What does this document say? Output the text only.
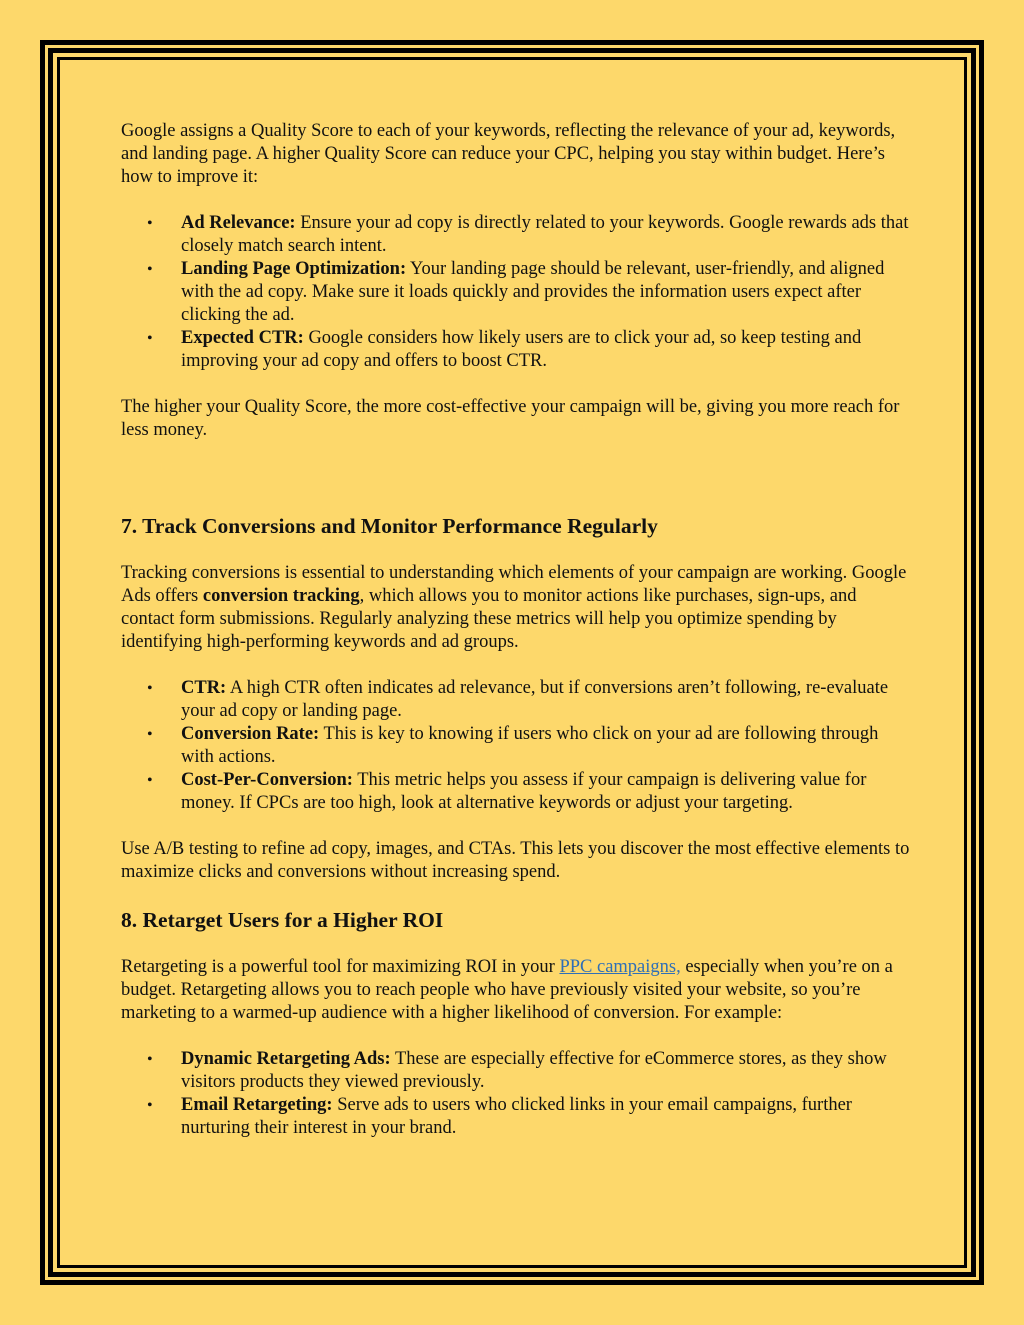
Google assigns a Quality Score to each of your keywords, reflecting the relevance of your ad, keywords, and landing page. A higher Quality Score can reduce your CPC, helping you stay within budget. Here’s how to improve it:

• Ad Relevance: Ensure your ad copy is directly related to your keywords. Google rewards ads that closely match search intent.
• Landing Page Optimization: Your landing page should be relevant, user-friendly, and aligned with the ad copy. Make sure it loads quickly and provides the information users expect after clicking the ad.
• Expected CTR: Google considers how likely users are to click your ad, so keep testing and improving your ad copy and offers to boost CTR.

The higher your Quality Score, the more cost-effective your campaign will be, giving you more reach for less money.

7. Track Conversions and Monitor Performance Regularly

Tracking conversions is essential to understanding which elements of your campaign are working. Google Ads offers conversion tracking, which allows you to monitor actions like purchases, sign-ups, and contact form submissions. Regularly analyzing these metrics will help you optimize spending by identifying high-performing keywords and ad groups.

• CTR: A high CTR often indicates ad relevance, but if conversions aren’t following, re-evaluate your ad copy or landing page.
• Conversion Rate: This is key to knowing if users who click on your ad are following through with actions.
• Cost-Per-Conversion: This metric helps you assess if your campaign is delivering value for money. If CPCs are too high, look at alternative keywords or adjust your targeting.

Use A/B testing to refine ad copy, images, and CTAs. This lets you discover the most effective elements to maximize clicks and conversions without increasing spend.

8. Retarget Users for a Higher ROI

Retargeting is a powerful tool for maximizing ROI in your PPC campaigns, especially when you’re on a budget. Retargeting allows you to reach people who have previously visited your website, so you’re marketing to a warmed-up audience with a higher likelihood of conversion. For example:

• Dynamic Retargeting Ads: These are especially effective for eCommerce stores, as they show visitors products they viewed previously.
• Email Retargeting: Serve ads to users who clicked links in your email campaigns, further nurturing their interest in your brand.
